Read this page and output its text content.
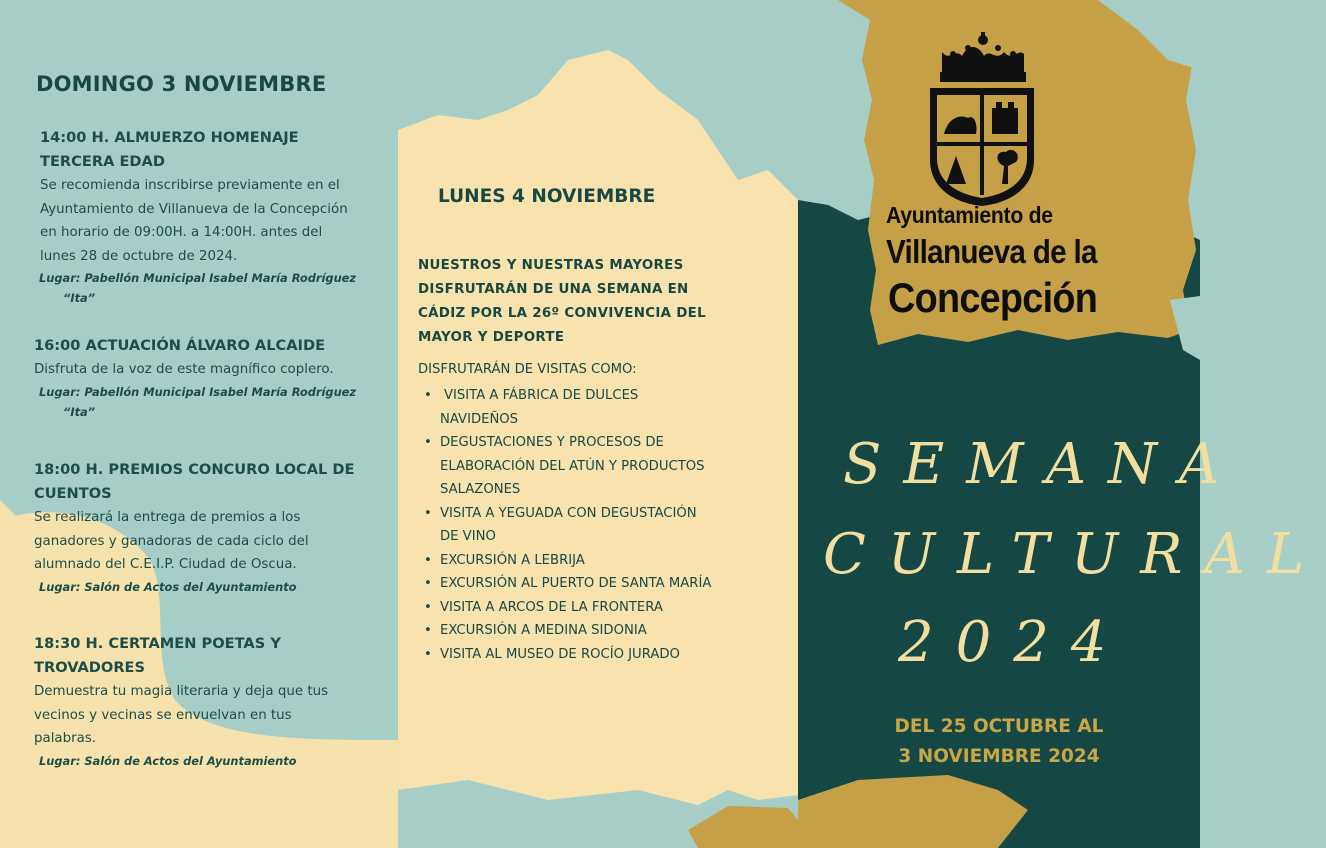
DOMINGO 3 NOVIEMBRE
14:00 H. ALMUERZO HOMENAJE
TERCERA EDAD
Se recomienda inscribirse previamente en el
Ayuntamiento de Villanueva de la Concepción
en horario de 09:00H. a 14:00H. antes del
lunes 28 de octubre de 2024.
Lugar: Pabellón Municipal Isabel María Rodríguez
“Ita”
16:00 ACTUACIÓN ÁLVARO ALCAIDE
Disfruta de la voz de este magnífico coplero.
Lugar: Pabellón Municipal Isabel María Rodríguez
“Ita”
18:00 H. PREMIOS CONCURO LOCAL DE
CUENTOS
Se realizará la entrega de premios a los
ganadores y ganadoras de cada ciclo del
alumnado del C.E.I.P. Ciudad de Oscua.
Lugar: Salón de Actos del Ayuntamiento
18:30 H. CERTAMEN POETAS Y
TROVADORES
Demuestra tu magia literaria y deja que tus
vecinos y vecinas se envuelvan en tus
palabras.
Lugar: Salón de Actos del Ayuntamiento
LUNES 4 NOVIEMBRE
NUESTROS Y NUESTRAS MAYORES
DISFRUTARÁN DE UNA SEMANA EN
CÁDIZ POR LA 26º CONVIVENCIA DEL
MAYOR Y DEPORTE
DISFRUTARÁN DE VISITAS COMO:
• VISITA A FÁBRICA DE DULCES
NAVIDEÑOS
• DEGUSTACIONES Y PROCESOS DE
ELABORACIÓN DEL ATÚN Y PRODUCTOS
SALAZONES
• VISITA A YEGUADA CON DEGUSTACIÓN
DE VINO
• EXCURSIÓN A LEBRIJA
• EXCURSIÓN AL PUERTO DE SANTA MARÍA
• VISITA A ARCOS DE LA FRONTERA
• EXCURSIÓN A MEDINA SIDONIA
• VISITA AL MUSEO DE ROCÍO JURADO
Ayuntamiento de
Villanueva de la
Concepción
SEMANA
CULTURAL
2024
DEL 25 OCTUBRE AL
3 NOVIEMBRE 2024
